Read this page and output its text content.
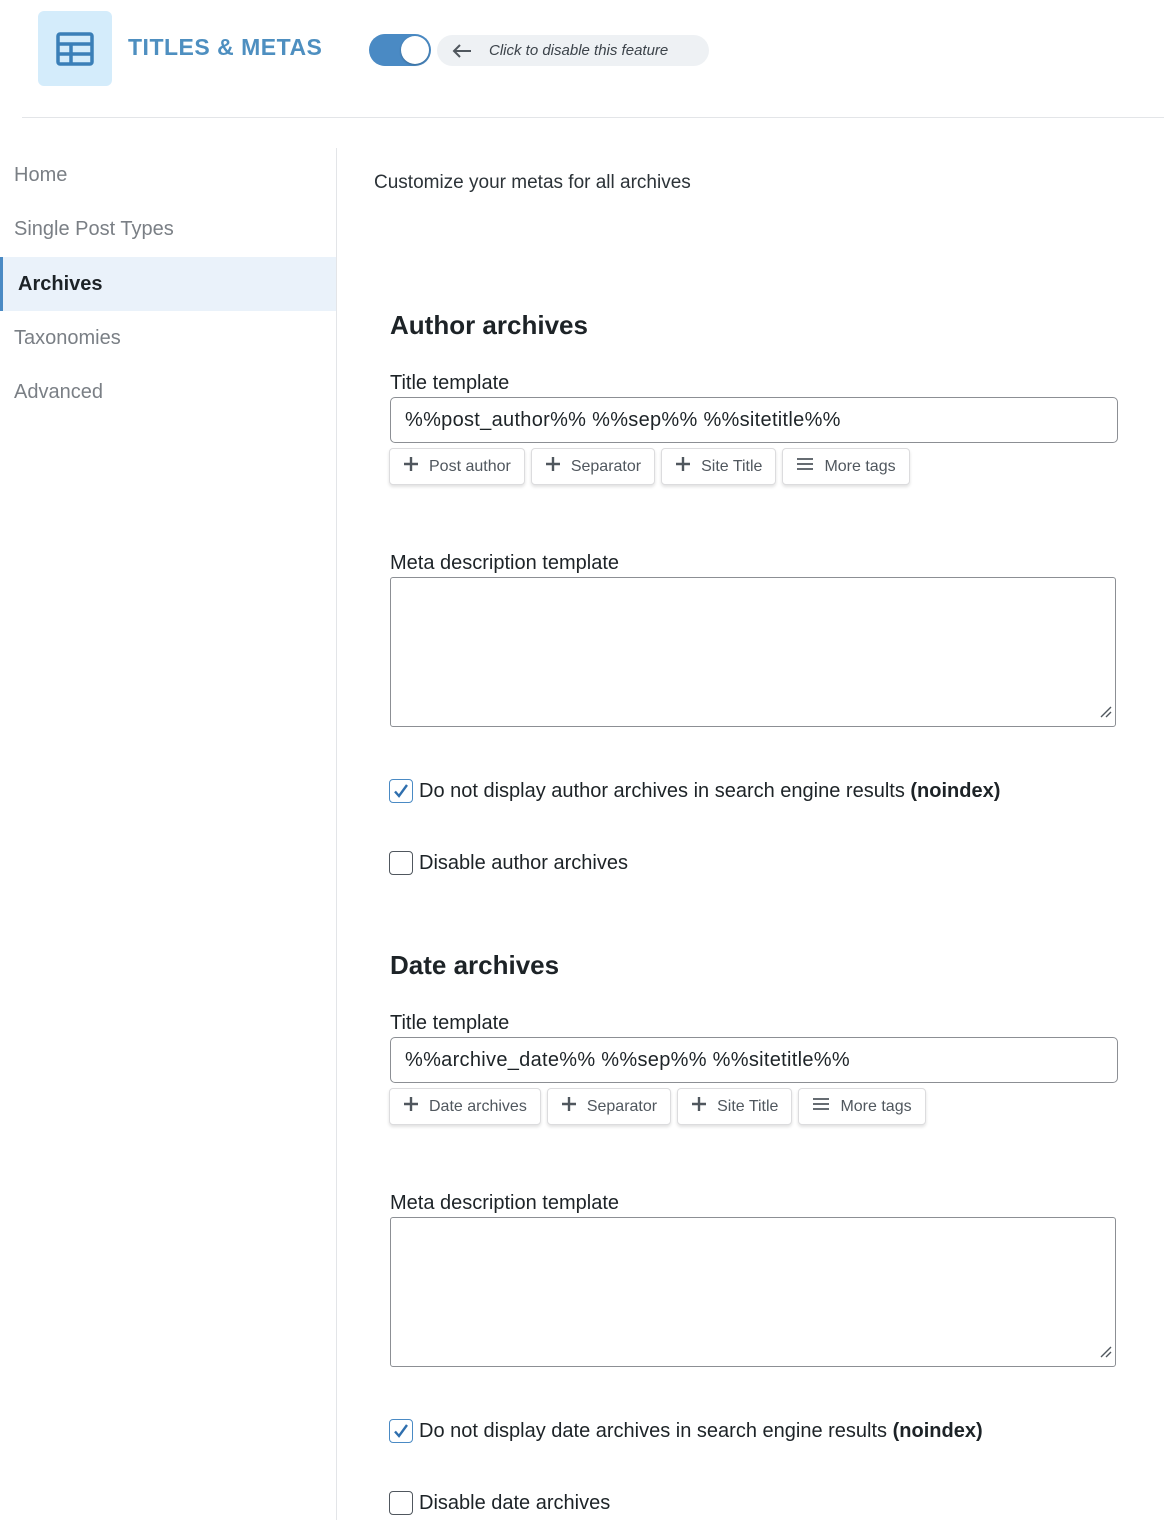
TITLES & METAS	Click to disable this feature
Home
Single Post Types
Archives
Taxonomies
Advanced
Customize your metas for all archives
Author archives
Title template
%%post_author%% %%sep%% %%sitetitle%%
Post author	Separator	Site Title	More tags
Meta description template
Do not display author archives in search engine results (noindex)
Disable author archives
Date archives
Title template
%%archive_date%% %%sep%% %%sitetitle%%
Date archives	Separator	Site Title	More tags
Meta description template
Do not display date archives in search engine results (noindex)
Disable date archives
